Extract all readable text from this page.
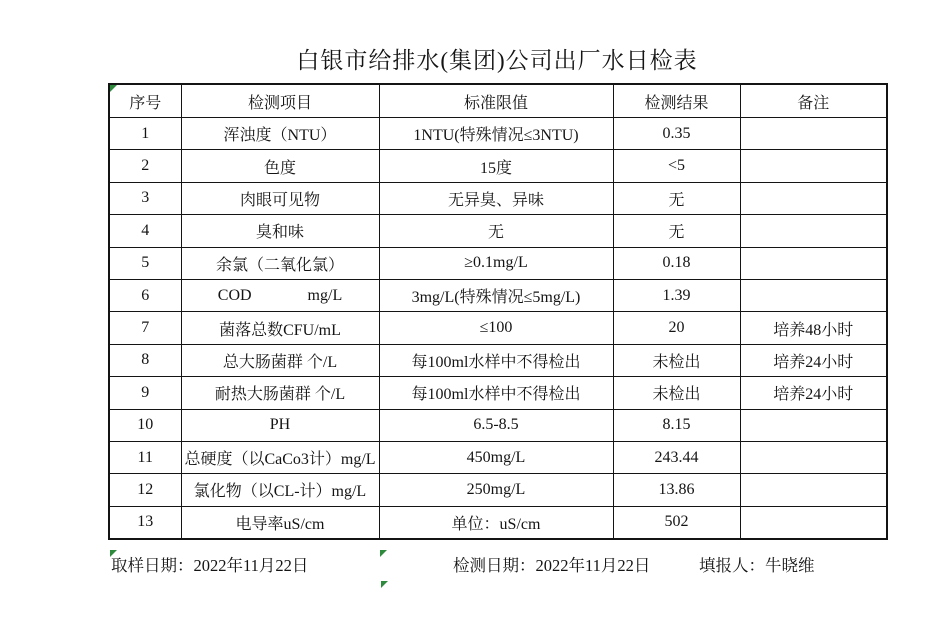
白银市给排水(集团)公司出厂水日检表
序号	检测项目	标准限值	检测结果	备注
1	浑浊度（NTU）	1NTU(特殊情况≤3NTU)	0.35	
2	色度	15度	<5	
3	肉眼可见物	无异臭、异味	无	
4	臭和味	无	无	
5	余氯（二氧化氯）	≥0.1mg/L	0.18	
6	COD              mg/L	3mg/L(特殊情况≤5mg/L)	1.39	
7	菌落总数CFU/mL	≤100	20	培养48小时
8	总大肠菌群 个/L	每100ml水样中不得检出	未检出	培养24小时
9	耐热大肠菌群 个/L	每100ml水样中不得检出	未检出	培养24小时
10	PH	6.5-8.5	8.15	
11	总硬度（以CaCo3计）mg/L	450mg/L	243.44	
12	氯化物（以CL-计）mg/L	250mg/L	13.86	
13	电导率uS/cm	单位：uS/cm	502	
取样日期：2022年11月22日	检测日期：2022年11月22日	填报人：牛晓维
